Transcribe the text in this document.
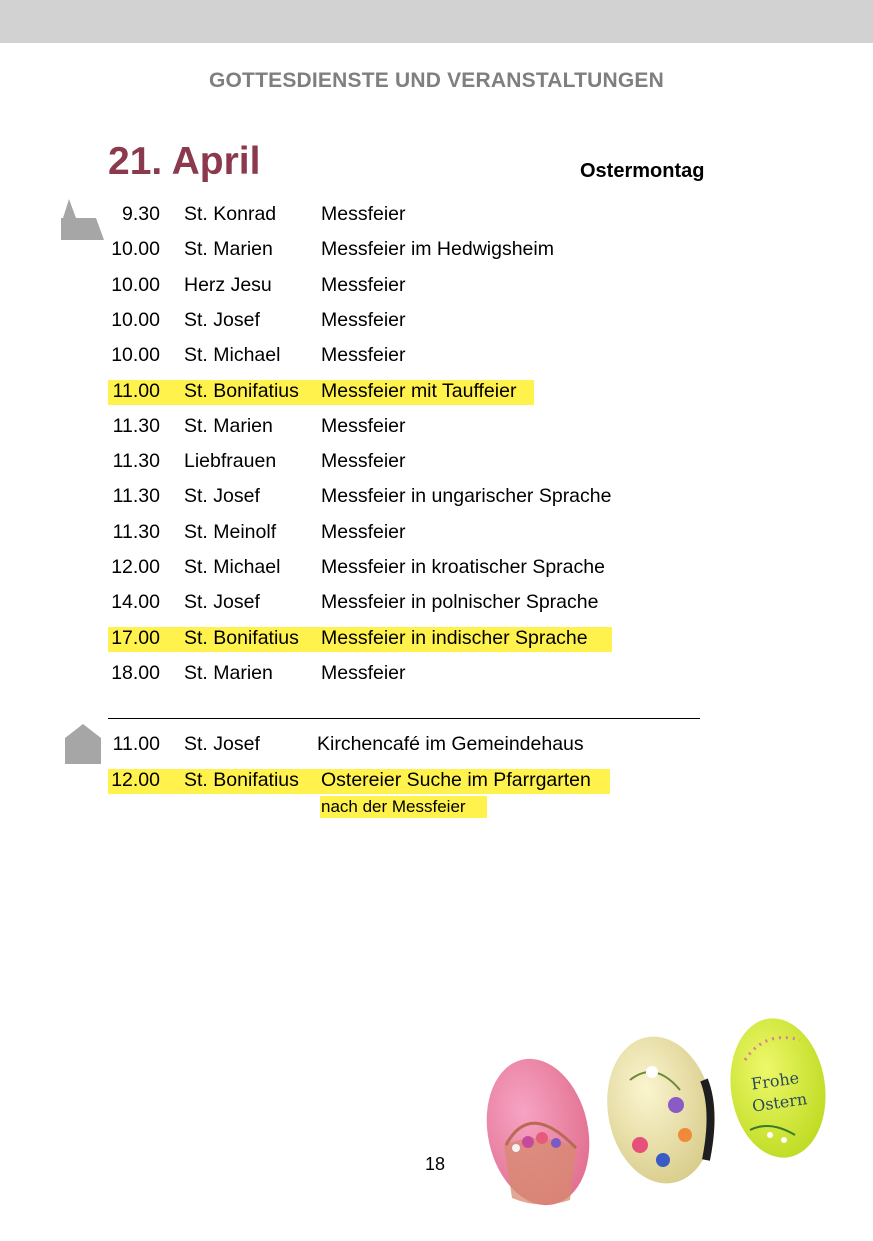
GOTTESDIENSTE UND VERANSTALTUNGEN
21. April	Ostermontag
9.30 St. Konrad Messfeier
10.00 St. Marien Messfeier im Hedwigsheim
10.00 Herz Jesu	Messfeier
10.00 St. Josef	Messfeier
10.00 St. Michael Messfeier
11.00 St. Bonifatius Messfeier mit Tauffeier
11.30 St. Marien Messfeier
11.30 Liebfrauen Messfeier
11.30 St. Josef	Messfeier in ungarischer Sprache
11.30 St. Meinolf Messfeier
12.00 St. Michael Messfeier in kroatischer Sprache
14.00 St. Josef	Messfeier in polnischer Sprache
17.00 St. Bonifatius Messfeier in indischer Sprache
18.00 St. Marien Messfeier
11.00 St. Josef	Kirchencafé im Gemeindehaus
12.00 St. Bonifatius Ostereier Suche im Pfarrgarten
nach der Messfeier
18
Frohe
Ostern
